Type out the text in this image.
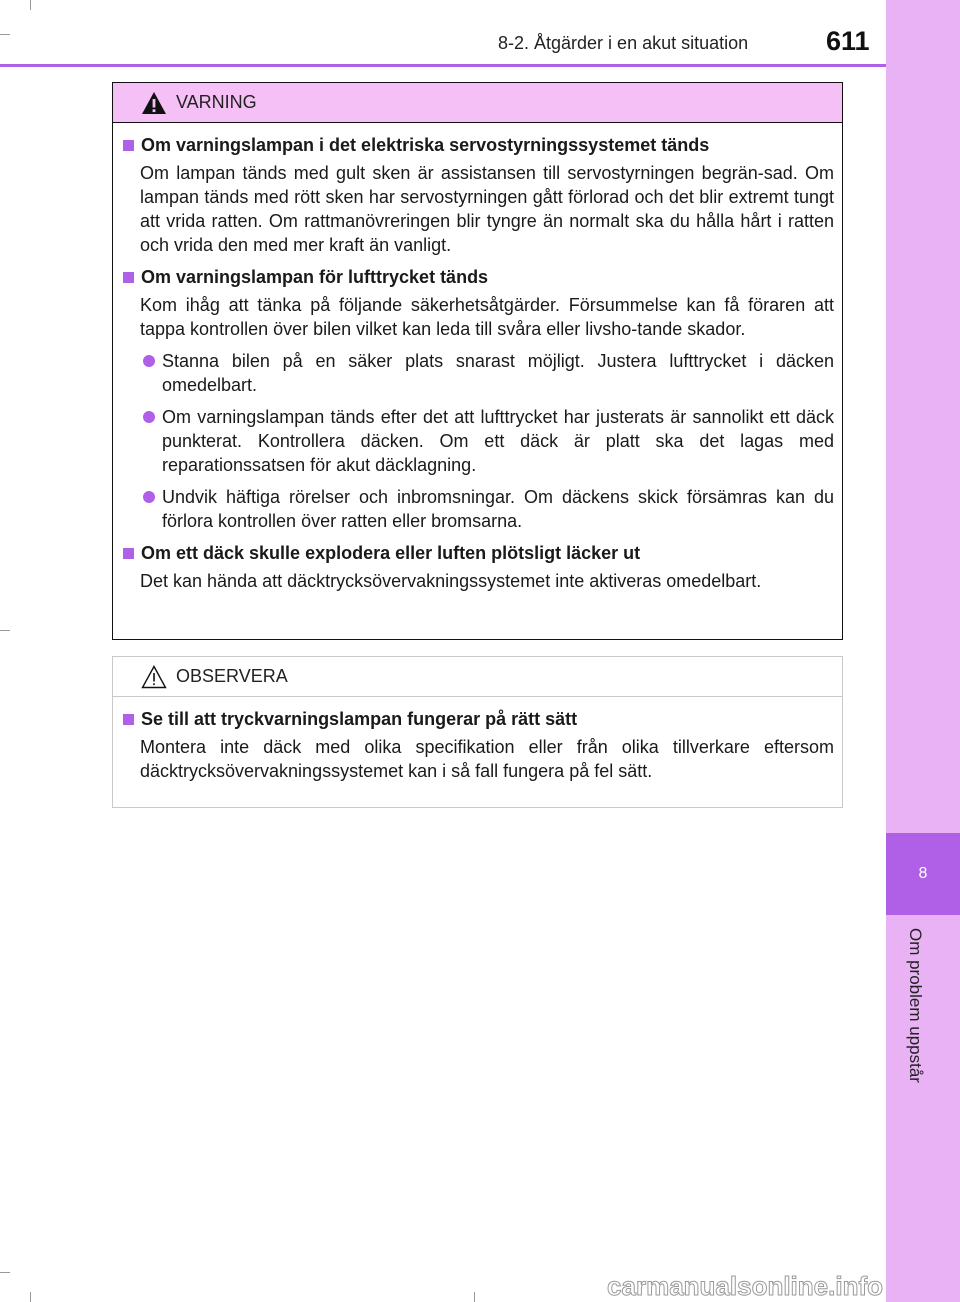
8
Om problem uppstår
8-2. Åtgärder i en akut situation	611
VARNING
Om varningslampan i det elektriska servostyrningssystemet tänds
Om lampan tänds med gult sken är assistansen till servostyrningen begrän-sad. Om lampan tänds med rött sken har servostyrningen gått förlorad och det blir extremt tungt att vrida ratten. Om rattmanövreringen blir tyngre än normalt ska du hålla hårt i ratten och vrida den med mer kraft än vanligt.
Om varningslampan för lufttrycket tänds
Kom ihåg att tänka på följande säkerhetsåtgärder. Försummelse kan få föraren att tappa kontrollen över bilen vilket kan leda till svåra eller livsho-tande skador.
Stanna bilen på en säker plats snarast möjligt. Justera lufttrycket i däcken omedelbart.
Om varningslampan tänds efter det att lufttrycket har justerats är sannolikt ett däck punkterat. Kontrollera däcken. Om ett däck är platt ska det lagas med reparationssatsen för akut däcklagning.
Undvik häftiga rörelser och inbromsningar. Om däckens skick försämras kan du förlora kontrollen över ratten eller bromsarna.
Om ett däck skulle explodera eller luften plötsligt läcker ut
Det kan hända att däcktrycksövervakningssystemet inte aktiveras omedelbart.
OBSERVERA
Se till att tryckvarningslampan fungerar på rätt sätt
Montera inte däck med olika specifikation eller från olika tillverkare eftersom däcktrycksövervakningssystemet kan i så fall fungera på fel sätt.
carmanualsonline.info
